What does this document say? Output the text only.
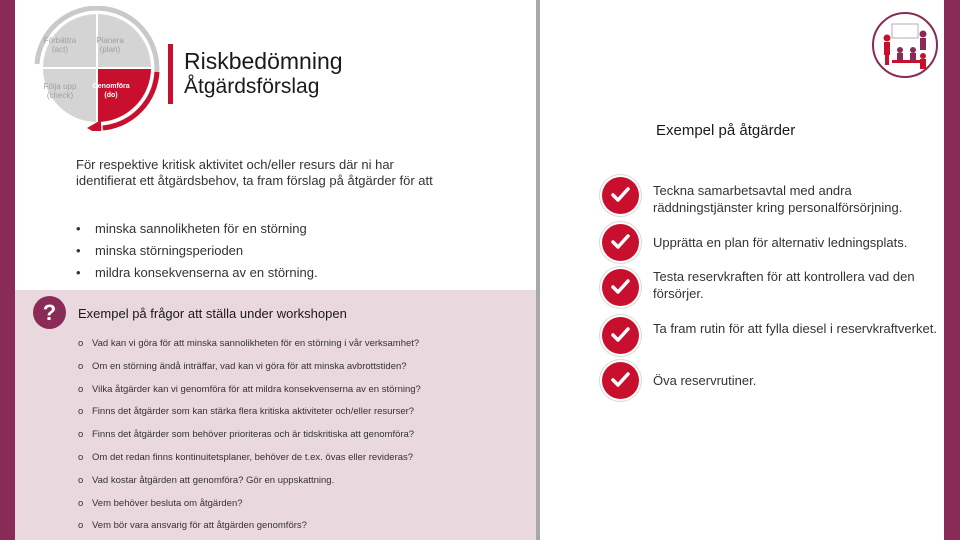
Förbättra (act)
Planera (plan)
Följa upp (check)
Genomföra (do)
Riskbedömning
Åtgärdsförslag
Exempel på åtgärder
För respektive kritisk aktivitet och/eller resurs där ni har identifierat ett åtgärdsbehov, ta fram förslag på åtgärder för att
• minska sannolikheten för en störning
• minska störningsperioden
• mildra konsekvenserna av en störning.
?	Exempel på frågor att ställa under workshopen
o Vad kan vi göra för att minska sannolikheten för en störning i vår verksamhet?
o Om en störning ändå inträffar, vad kan vi göra för att minska avbrottstiden?
o Vilka åtgärder kan vi genomföra för att mildra konsekvenserna av en störning?
o Finns det åtgärder som kan stärka flera kritiska aktiviteter och/eller resurser?
o Finns det åtgärder som behöver prioriteras och är tidskritiska att genomföra?
o Om det redan finns kontinuitetsplaner, behöver de t.ex. övas eller revideras?
o Vad kostar åtgärden att genomföra? Gör en uppskattning.
o Vem behöver besluta om åtgärden?
o Vem bör vara ansvarig för att åtgärden genomförs?
Teckna samarbetsavtal med andra räddningstjänster kring personalförsörjning.
Upprätta en plan för alternativ ledningsplats.
Testa reservkraften för att kontrollera vad den försörjer.
Ta fram rutin för att fylla diesel i reservkraftverket.
Öva reservrutiner.
